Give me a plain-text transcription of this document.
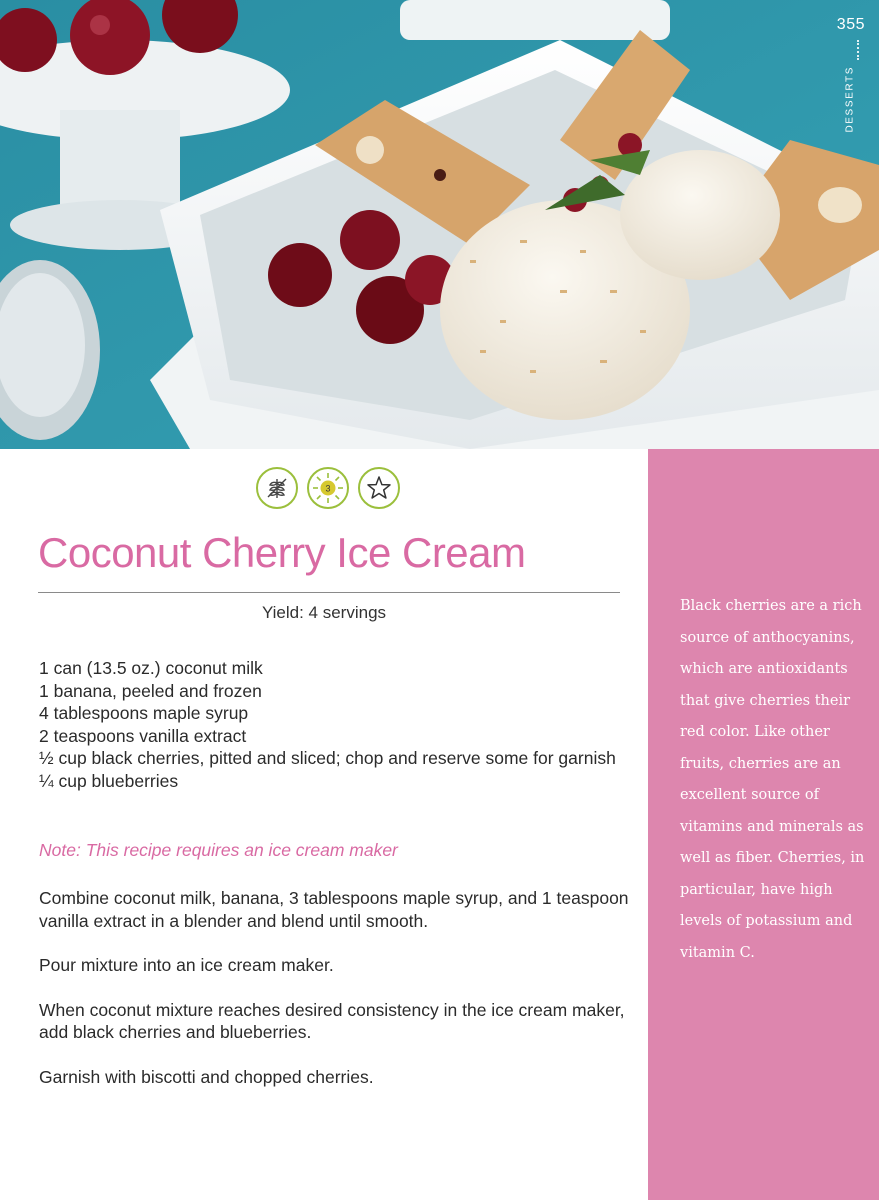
355
DESSERTS
3
Coconut Cherry Ice Cream
Yield: 4 servings
1 can (13.5 oz.) coconut milk
1 banana, peeled and frozen
4 tablespoons maple syrup
2 teaspoons vanilla extract
½ cup black cherries, pitted and sliced; chop and reserve some for garnish
¼ cup blueberries
Note: This recipe requires an ice cream maker

Combine coconut milk, banana, 3 tablespoons maple syrup, and 1 teaspoon vanilla extract in a blender and blend until smooth.

Pour mixture into an ice cream maker.

When coconut mixture reaches desired consistency in the ice cream maker, add black cherries and blueberries.

Garnish with biscotti and chopped cherries.

Black cherries are a rich source of anthocyanins, which are antioxidants that give cherries their red color. Like other fruits, cherries are an excellent source of vitamins and minerals as well as fiber. Cherries, in particular, have high levels of potassium and vitamin C.
